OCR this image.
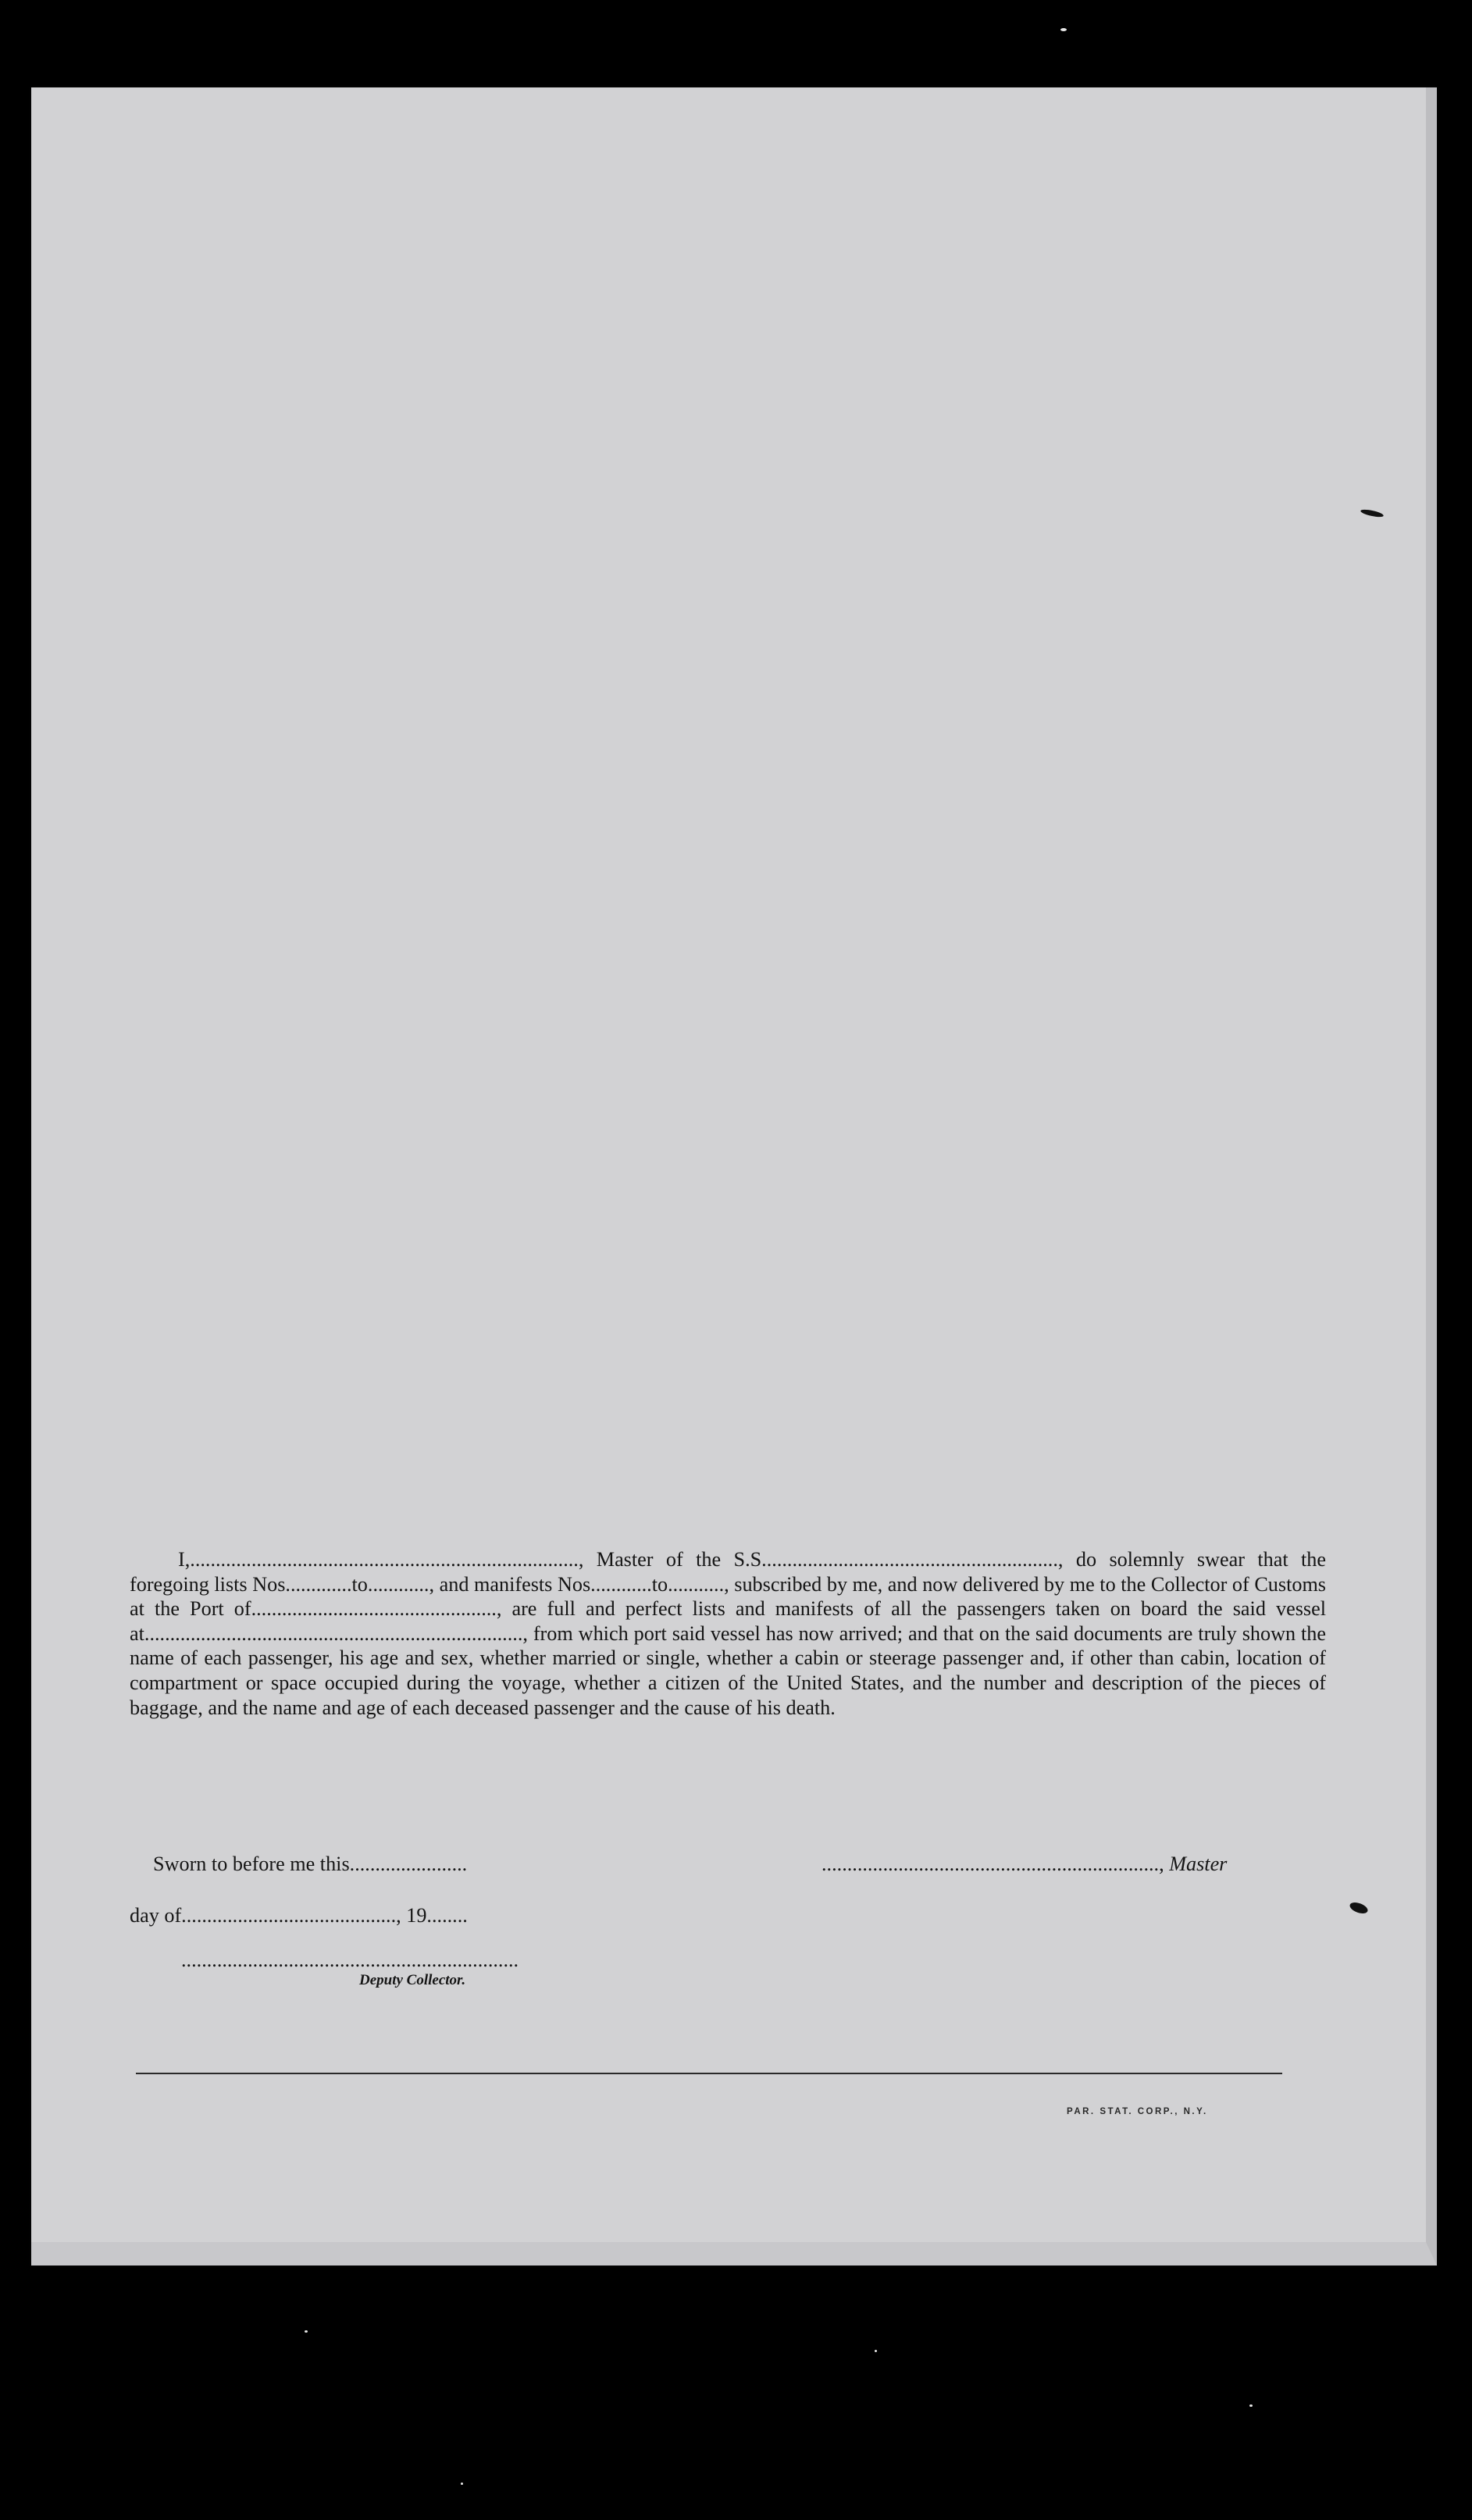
I,............................................................................, Master of the S.S.........................................................., do solemnly swear that the foregoing lists Nos.............to............, and manifests Nos............to..........., subscribed by me, and now delivered by me to the Collector of Customs at the Port of................................................, are full and perfect lists and manifests of all the passengers taken on board the said vessel at.........................................................................., from which port said vessel has now arrived; and that on the said documents are truly shown the name of each passenger, his age and sex, whether married or single, whether a cabin or steerage passenger and, if other than cabin, location of compartment or space occupied during the voyage, whether a citizen of the United States, and the number and description of the pieces of baggage, and the name and age of each deceased passenger and the cause of his death.

Sworn to before me this.......................	.................................................................., Master
day of.........................................., 19........
..................................................................
Deputy Collector.
PAR. STAT. CORP., N.Y.
